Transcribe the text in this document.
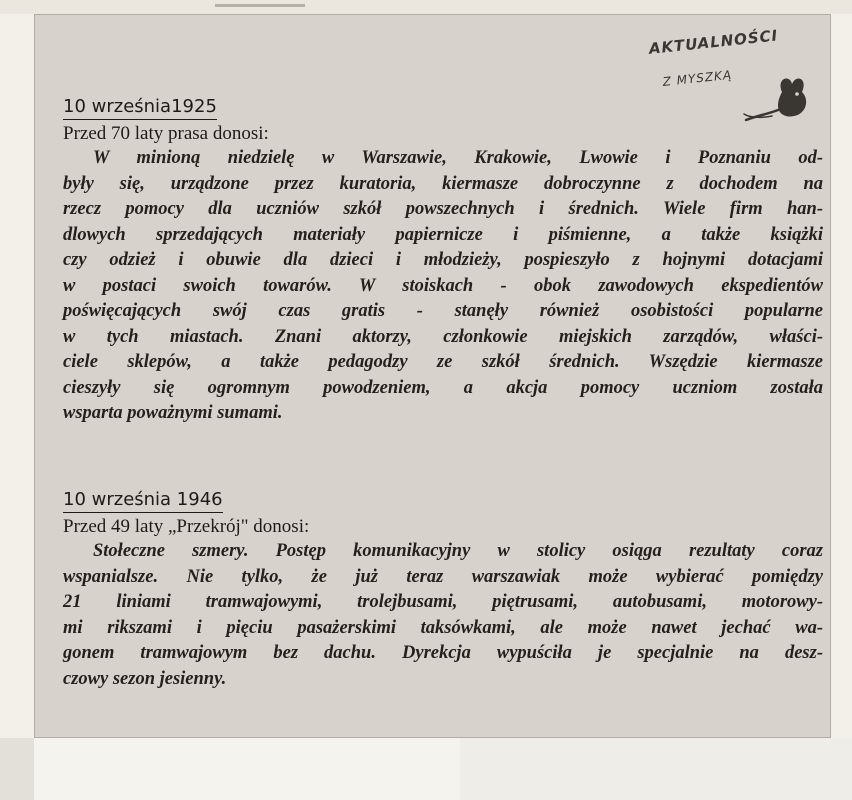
AKTUALNOŚCI
Z MYSZKĄ
10 września1925
Przed 70 laty prasa donosi:
W minioną niedzielę w Warszawie, Krakowie, Lwowie i Poznaniu od-
były się, urządzone przez kuratoria, kiermasze dobroczynne z dochodem na
rzecz pomocy dla uczniów szkół powszechnych i średnich. Wiele firm han-
dlowych sprzedających materiały papiernicze i piśmienne, a także książki
czy odzież i obuwie dla dzieci i młodzieży, pospieszyło z hojnymi dotacjami
w postaci swoich towarów. W stoiskach - obok zawodowych ekspedientów
poświęcających swój czas gratis - stanęły również osobistości popularne
w tych miastach. Znani aktorzy, członkowie miejskich zarządów, właści-
ciele sklepów, a także pedagodzy ze szkół średnich. Wszędzie kiermasze
cieszyły się ogromnym powodzeniem, a akcja pomocy uczniom została
wsparta poważnymi sumami.
10 września 1946
Przed 49 laty „Przekrój" donosi:
Stołeczne szmery. Postęp komunikacyjny w stolicy osiąga rezultaty coraz
wspanialsze. Nie tylko, że już teraz warszawiak może wybierać pomiędzy
21 liniami tramwajowymi, trolejbusami, piętrusami, autobusami, motorowy-
mi rikszami i pięciu pasażerskimi taksówkami, ale może nawet jechać wa-
gonem tramwajowym bez dachu. Dyrekcja wypuściła je specjalnie na desz-
czowy sezon jesienny.
